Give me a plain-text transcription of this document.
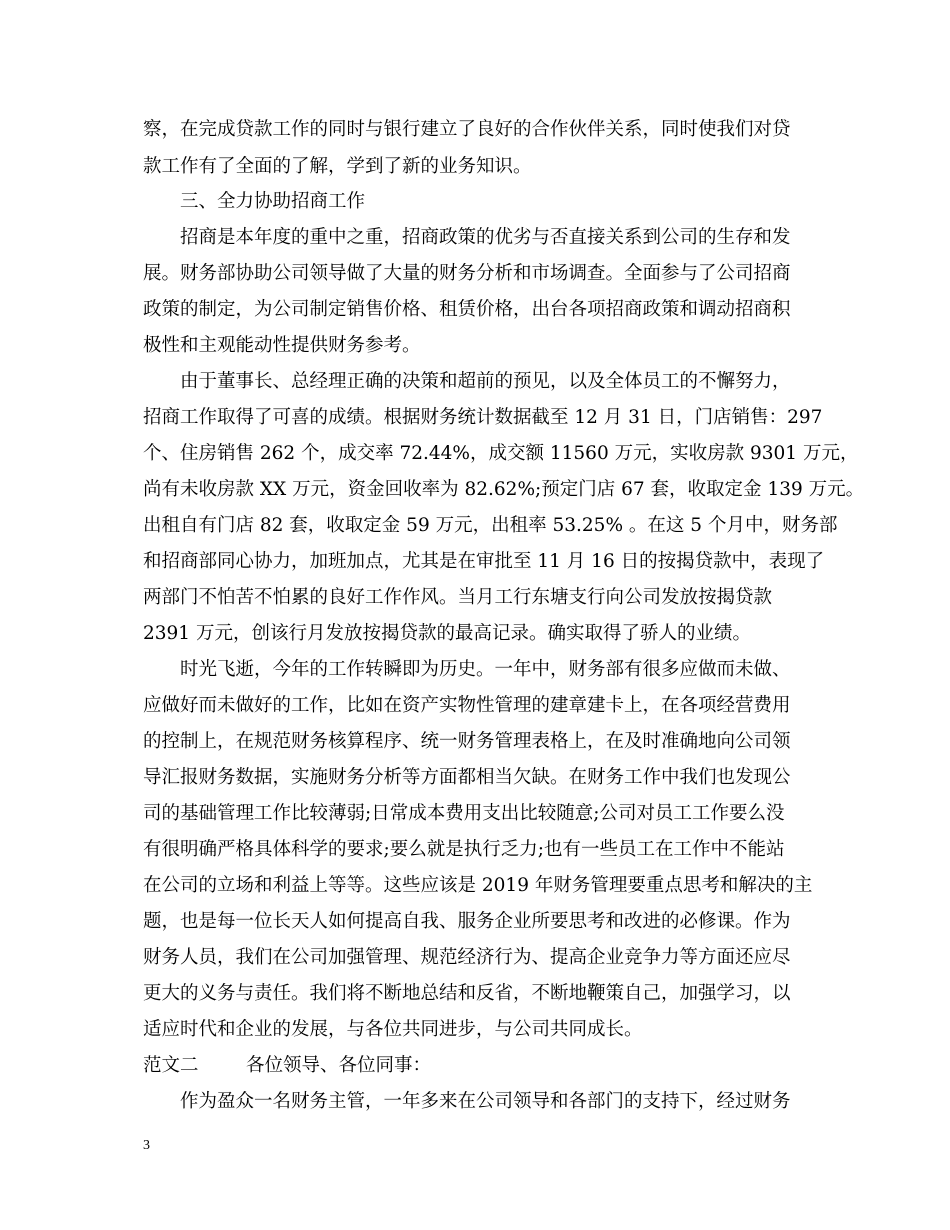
察，在完成贷款工作的同时与银行建立了良好的合作伙伴关系，同时使我们对贷
款工作有了全面的了解，学到了新的业务知识。
三、全力协助招商工作
招商是本年度的重中之重，招商政策的优劣与否直接关系到公司的生存和发
展。财务部协助公司领导做了大量的财务分析和市场调查。全面参与了公司招商
政策的制定，为公司制定销售价格、租赁价格，出台各项招商政策和调动招商积
极性和主观能动性提供财务参考。
由于董事长、总经理正确的决策和超前的预见，以及全体员工的不懈努力，
招商工作取得了可喜的成绩。根据财务统计数据截至 12 月 31 日，门店销售：297
个、住房销售 262 个，成交率 72.44%，成交额 11560 万元，实收房款 9301 万元，
尚有未收房款 XX 万元，资金回收率为 82.62%;预定门店 67 套，收取定金 139 万元。
出租自有门店 82 套，收取定金 59 万元，出租率 53.25% 。在这 5 个月中，财务部
和招商部同心协力，加班加点，尤其是在审批至 11 月 16 日的按揭贷款中，表现了
两部门不怕苦不怕累的良好工作作风。当月工行东塘支行向公司发放按揭贷款
2391 万元，创该行月发放按揭贷款的最高记录。确实取得了骄人的业绩。
时光飞逝，今年的工作转瞬即为历史。一年中，财务部有很多应做而未做、
应做好而未做好的工作，比如在资产实物性管理的建章建卡上，在各项经营费用
的控制上，在规范财务核算程序、统一财务管理表格上，在及时准确地向公司领
导汇报财务数据，实施财务分析等方面都相当欠缺。在财务工作中我们也发现公
司的基础管理工作比较薄弱;日常成本费用支出比较随意;公司对员工工作要么没
有很明确严格具体科学的要求;要么就是执行乏力;也有一些员工在工作中不能站
在公司的立场和利益上等等。这些应该是 2019 年财务管理要重点思考和解决的主
题，也是每一位长天人如何提高自我、服务企业所要思考和改进的必修课。作为
财务人员，我们在公司加强管理、规范经济行为、提高企业竞争力等方面还应尽
更大的义务与责任。我们将不断地总结和反省，不断地鞭策自己，加强学习，以
适应时代和企业的发展，与各位共同进步，与公司共同成长。
范文二	各位领导、各位同事：
作为盈众一名财务主管，一年多来在公司领导和各部门的支持下，经过财务
3
